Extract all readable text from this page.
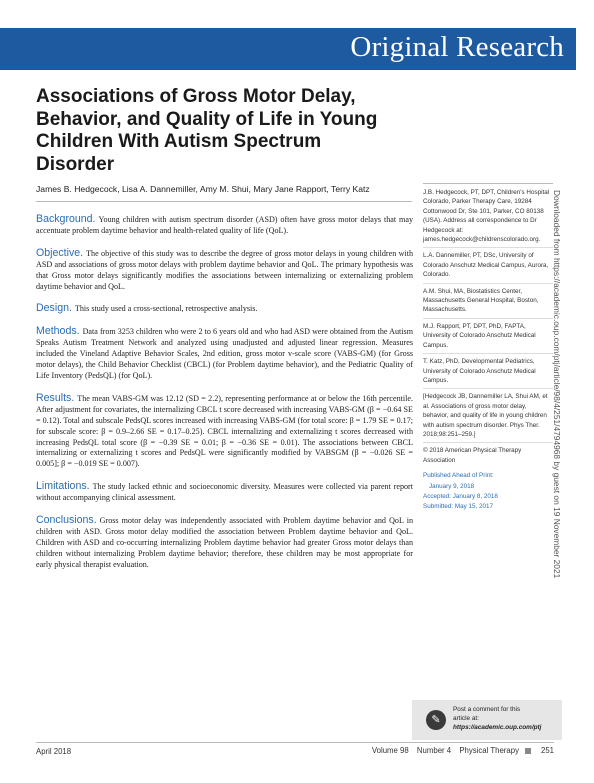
Original Research
Associations of Gross Motor Delay, Behavior, and Quality of Life in Young Children With Autism Spectrum Disorder
James B. Hedgecock, Lisa A. Dannemiller, Amy M. Shui, Mary Jane Rapport, Terry Katz

Background. Young children with autism spectrum disorder (ASD) often have gross motor delays that may accentuate problem daytime behavior and health-related quality of life (QoL).

Objective. The objective of this study was to describe the degree of gross motor delays in young children with ASD and associations of gross motor delays with problem daytime behavior and QoL. The primary hypothesis was that Gross motor delays significantly modifies the associations between internalizing or externalizing problem daytime behavior and QoL.

Design. This study used a cross-sectional, retrospective analysis.

Methods. Data from 3253 children who were 2 to 6 years old and who had ASD were obtained from the Autism Speaks Autism Treatment Network and analyzed using unadjusted and adjusted linear regression. Measures included the Vineland Adaptive Behavior Scales, 2nd edition, gross motor v-scale score (VABS-GM) (for Gross motor delays), the Child Behavior Checklist (CBCL) (for Problem daytime behavior), and the Pediatric Quality of Life Inventory (PedsQL) (for QoL).

Results. The mean VABS-GM was 12.12 (SD = 2.2), representing performance at or below the 16th percentile. After adjustment for covariates, the internalizing CBCL t score decreased with increasing VABS-GM (β = −0.64 SE = 0.12). Total and subscale PedsQL scores increased with increasing VABS-GM (for total score: β = 1.79 SE = 0.17; for subscale score: β = 0.9–2.66 SE = 0.17–0.25). CBCL internalizing and externalizing t scores decreased with increasing PedsQL total score (β = −0.39 SE = 0.01; β = −0.36 SE = 0.01). The associations between CBCL internalizing or externalizing t scores and PedsQL were significantly modified by VABSGM (β = −0.026 SE = 0.005]; β = −0.019 SE = 0.007).

Limitations. The study lacked ethnic and socioeconomic diversity. Measures were collected via parent report without accompanying clinical assessment.

Conclusions. Gross motor delay was independently associated with Problem daytime behavior and QoL in children with ASD. Gross motor delay modified the association between Problem daytime behavior and QoL. Children with ASD and co-occurring internalizing Problem daytime behavior had greater Gross motor delays than children without internalizing Problem daytime behavior; therefore, these children may be most appropriate for early physical therapist evaluation.

J.B. Hedgecock, PT, DPT, Children's Hospital Colorado, Parker Therapy Care, 19284 Cottonwood Dr, Ste 101, Parker, CO 80138 (USA). Address all correspondence to Dr Hedgecock at: james.hedgecock@childrenscolorado.org.

L.A. Dannemiller, PT, DSc, University of Colorado Anschutz Medical Campus, Aurora, Colorado.

A.M. Shui, MA, Biostatistics Center, Massachusetts General Hospital, Boston, Massachusetts.

M.J. Rapport, PT, DPT, PhD, FAPTA, University of Colorado Anschutz Medical Campus.

T. Katz, PhD, Developmental Pediatrics, University of Colorado Anschutz Medical Campus.

[Hedgecock JB, Dannemiller LA, Shui AM, et al. Associations of gross motor delay, behavior, and quality of life in young children with autism spectrum disorder. Phys Ther. 2018;98:251–259.]

© 2018 American Physical Therapy Association

Published Ahead of Print:
January 9, 2018
Accepted: January 8, 2018
Submitted: May 15, 2017	Downloaded from https://academic.oup.com/ptj/article/98/4/251/4794968 by guest on 19 November 2021
✎
Post a comment for this
article at:
https://academic.oup.com/ptj
April 2018	Volume 98 Number 4 Physical Therapy	251
